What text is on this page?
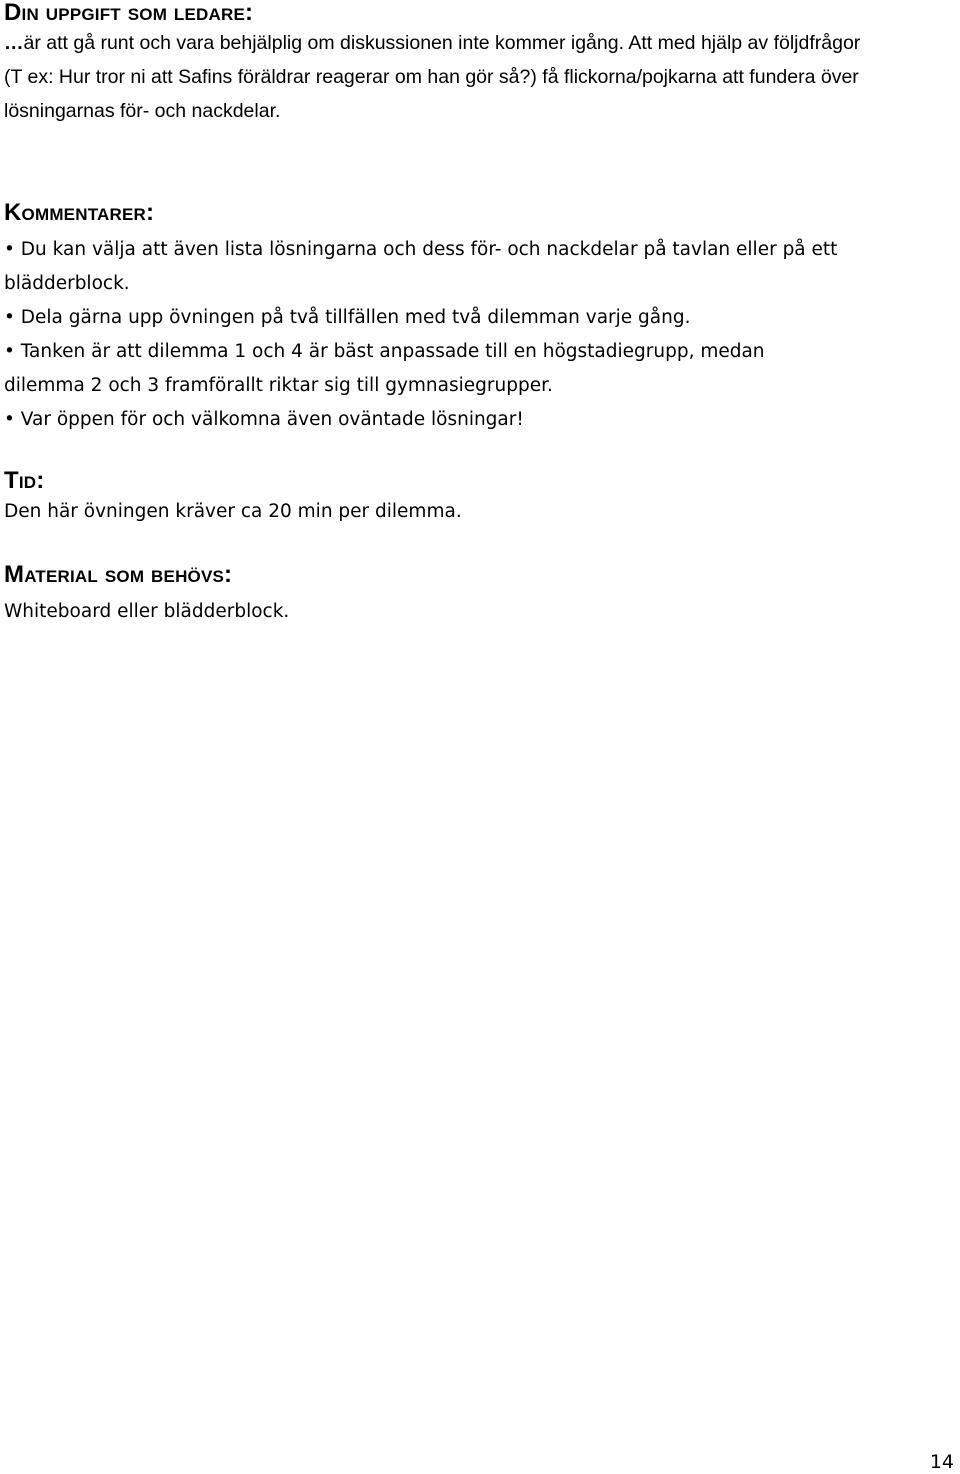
Din uppgift som ledare:
…är att gå runt och vara behjälplig om diskussionen inte kommer igång. Att med hjälp av följdfrågor
(T ex: Hur tror ni att Safins föräldrar reagerar om han gör så?) få flickorna/pojkarna att fundera över
lösningarnas för- och nackdelar.
Kommentarer:
• Du kan välja att även lista lösningarna och dess för- och nackdelar på tavlan eller på ett
blädderblock.
• Dela gärna upp övningen på två tillfällen med två dilemman varje gång.
• Tanken är att dilemma 1 och 4 är bäst anpassade till en högstadiegrupp, medan
dilemma 2 och 3 framförallt riktar sig till gymnasiegrupper.
• Var öppen för och välkomna även oväntade lösningar!
Tid:
Den här övningen kräver ca 20 min per dilemma.
Material som behövs:
Whiteboard eller blädderblock.
14
